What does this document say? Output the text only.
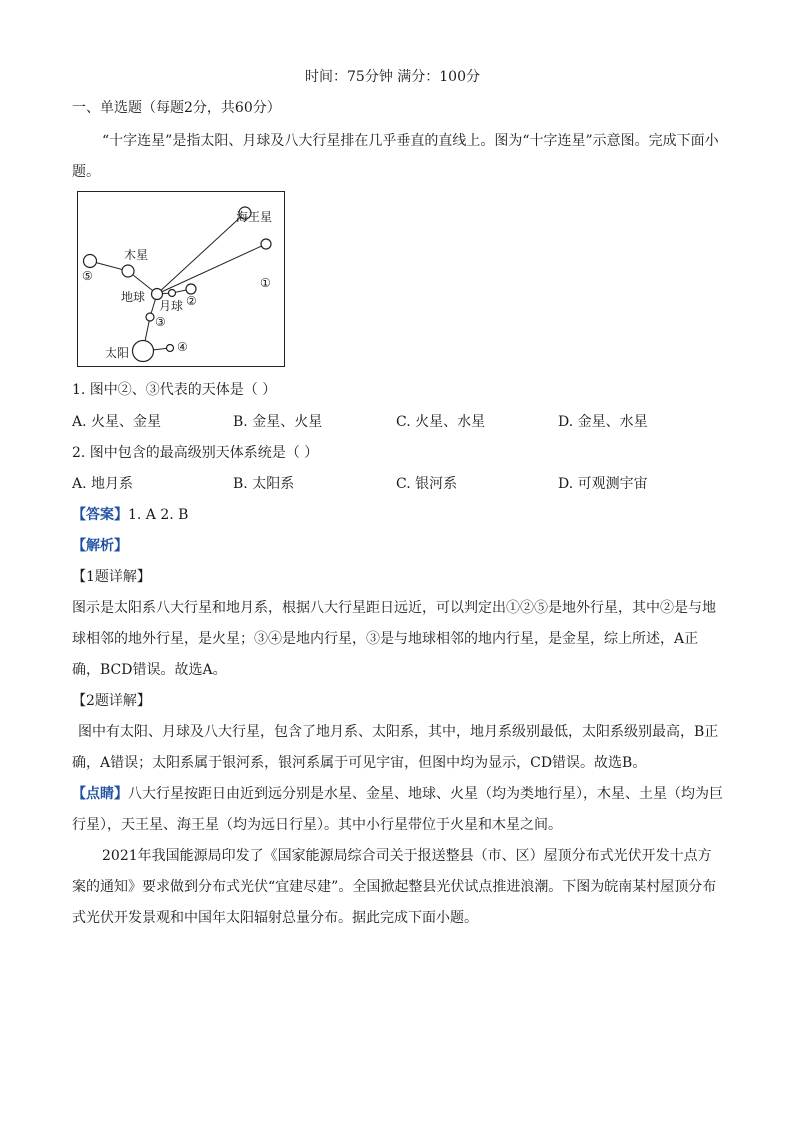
时间：75分钟 满分：100分
一、单选题（每题2分，共60分）
“十字连星”是指太阳、月球及八大行星排在几乎垂直的直线上。图为“十字连星”示意图。完成下面小题。
海王星
木星
⑤	①
地球
月球 ②
③
太阳	④
1. 图中②、③代表的天体是（ ）
A. 火星、金星	B. 金星、火星	C. 火星、水星	D. 金星、水星
2. 图中包含的最高级别天体系统是（ ）
A. 地月系	B. 太阳系	C. 银河系	D. 可观测宇宙
【答案】1. A 2. B
【解析】
【1题详解】
图示是太阳系八大行星和地月系，根据八大行星距日远近，可以判定出①②⑤是地外行星，其中②是与地球相邻的地外行星，是火星；③④是地内行星，③是与地球相邻的地内行星，是金星，综上所述，A正确，BCD错误。故选A。
【2题详解】
图中有太阳、月球及八大行星，包含了地月系、太阳系，其中，地月系级别最低，太阳系级别最高，B正确，A错误；太阳系属于银河系，银河系属于可见宇宙，但图中均为显示，CD错误。故选B。
【点睛】八大行星按距日由近到远分别是水星、金星、地球、火星（均为类地行星），木星、土星（均为巨行星），天王星、海王星（均为远日行星）。其中小行星带位于火星和木星之间。
2021年我国能源局印发了《国家能源局综合司关于报送整县（市、区）屋顶分布式光伏开发十点方案的通知》要求做到分布式光伏“宜建尽建”。全国掀起整县光伏试点推进浪潮。下图为皖南某村屋顶分布式光伏开发景观和中国年太阳辐射总量分布。据此完成下面小题。
